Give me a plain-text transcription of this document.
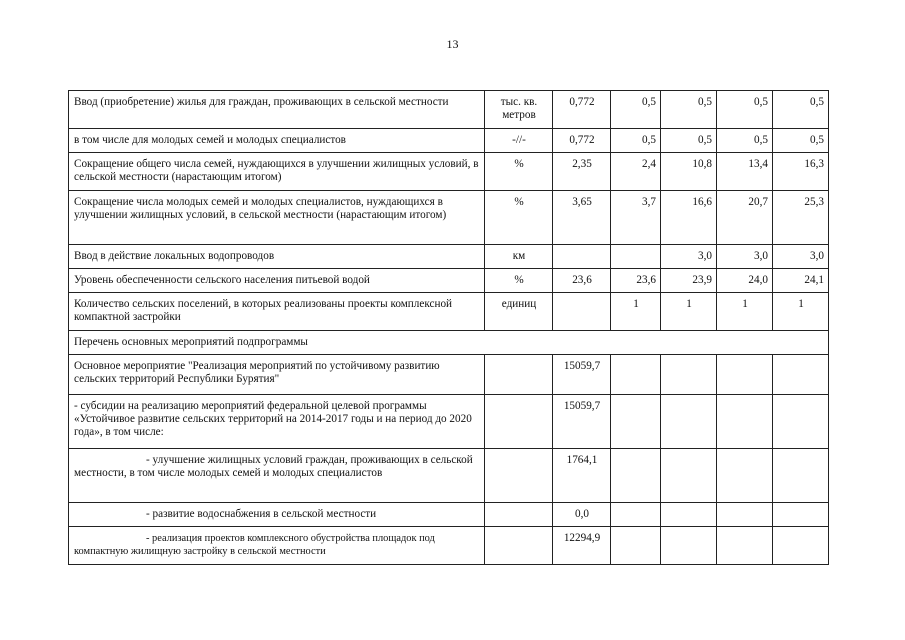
13
Ввод (приобретение) жилья для граждан, проживающих в сельской местности	тыс. кв. метров	0,772	0,5	0,5	0,5	0,5
в том числе для молодых семей и молодых специалистов	-//-	0,772	0,5	0,5	0,5	0,5
Сокращение общего числа семей, нуждающихся в улучшении жилищных условий, в сельской местности (нарастающим итогом)	%	2,35	2,4	10,8	13,4	16,3
Сокращение числа молодых семей и молодых специалистов, нуждающихся в улучшении жилищных условий, в сельской местности (нарастающим итогом)	%	3,65	3,7	16,6	20,7	25,3
Ввод в действие локальных водопроводов	км			3,0	3,0	3,0
Уровень обеспеченности сельского населения питьевой водой	%	23,6	23,6	23,9	24,0	24,1
Количество сельских поселений, в которых реализованы проекты комплексной компактной застройки	единиц		1	1	1	1
Перечень основных мероприятий подпрограммы						
Основное мероприятие "Реализация мероприятий по устойчивому развитию сельских территорий Республики Бурятия"		15059,7				
- субсидии на реализацию мероприятий федеральной целевой программы «Устойчивое развитие сельских территорий на 2014-2017 годы и на период до 2020 года», в том числе:		15059,7				
- улучшение жилищных условий граждан, проживающих в сельской местности, в том числе молодых семей и молодых специалистов		1764,1				
- развитие водоснабжения в сельской местности		0,0				
- реализация проектов комплексного обустройства площадок под компактную жилищную застройку в сельской местности		12294,9				
